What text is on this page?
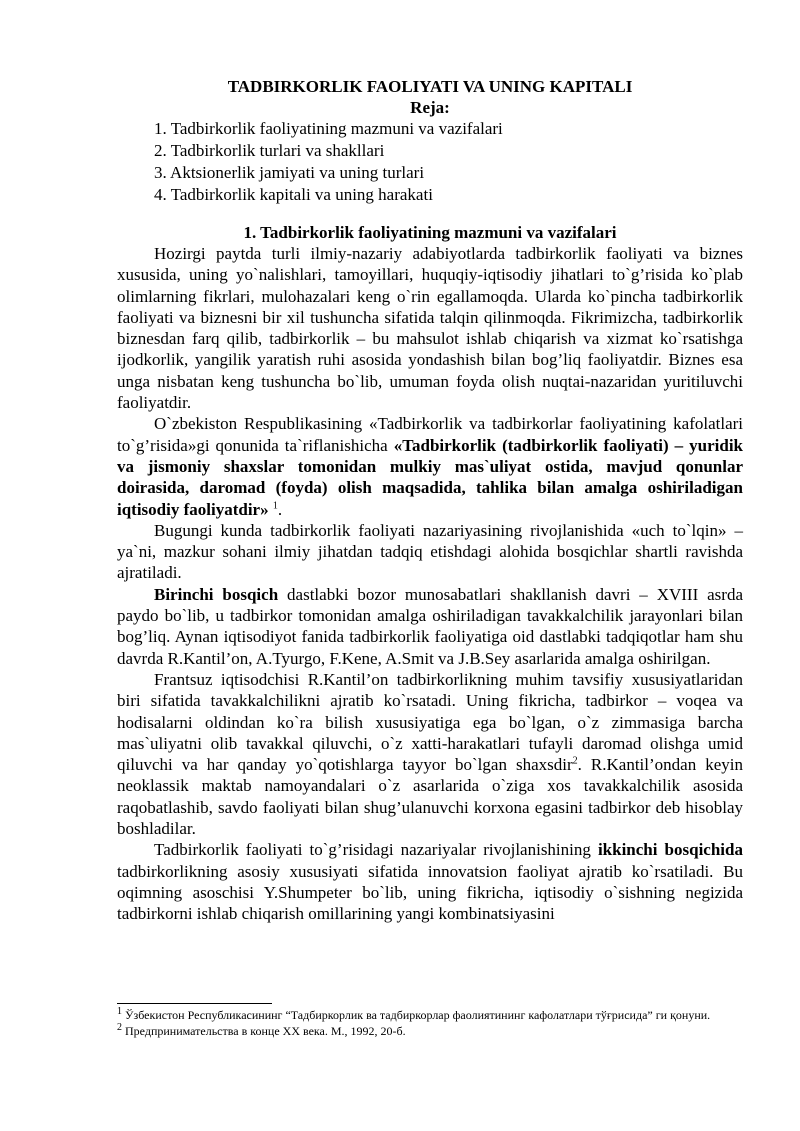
TADBIRKORLIK FAOLIYATI VA UNING KAPITALI
Reja:
1. Tadbirkorlik faoliyatining mazmuni va vazifalari
2. Tadbirkorlik turlari va shakllari
3. Aktsionerlik jamiyati va uning turlari
4. Tadbirkorlik kapitali va uning harakati
1. Tadbirkorlik faoliyatining mazmuni va vazifalari

Hozirgi paytda turli ilmiy-nazariy adabiyotlarda tadbirkorlik faoliyati va biznes xususida, uning yo`nalishlari, tamoyillari, huquqiy-iqtisodiy jihatlari to`g’risida ko`plab olimlarning fikrlari, mulohazalari keng o`rin egallamoqda. Ularda ko`pincha tadbirkorlik faoliyati va biznesni bir xil tushuncha sifatida talqin qilinmoqda. Fikrimizcha, tadbirkorlik biznesdan farq qilib, tadbirkorlik – bu mahsulot ishlab chiqarish va xizmat ko`rsatishga ijodkorlik, yangilik yaratish ruhi asosida yondashish bilan bog’liq faoliyatdir. Biznes esa unga nisbatan keng tushuncha bo`lib, umuman foyda olish nuqtai-nazaridan yuritiluvchi faoliyatdir.

O`zbekiston Respublikasining «Tadbirkorlik va tadbirkorlar faoliyatining kafolatlari to`g’risida»gi qonunida ta`riflanishicha «Tadbirkorlik (tadbirkorlik faoliyati) – yuridik va jismoniy shaxslar tomonidan mulkiy mas`uliyat ostida, mavjud qonunlar doirasida, daromad (foyda) olish maqsadida, tahlika bilan amalga oshiriladigan iqtisodiy faoliyatdir» $^1$.

Bugungi kunda tadbirkorlik faoliyati nazariyasining rivojlanishida «uch to`lqin» – ya`ni, mazkur sohani ilmiy jihatdan tadqiq etishdagi alohida bosqichlar shartli ravishda ajratiladi.

Birinchi bosqich dastlabki bozor munosabatlari shakllanish davri – XVIII asrda paydo bo`lib, u tadbirkor tomonidan amalga oshiriladigan tavakkalchilik jarayonlari bilan bog’liq. Aynan iqtisodiyot fanida tadbirkorlik faoliyatiga oid dastlabki tadqiqotlar ham shu davrda R.Kantil’on, A.Tyurgo, F.Kene, A.Smit va J.B.Sey asarlarida amalga oshirilgan.

Frantsuz iqtisodchisi R.Kantil’on tadbirkorlikning muhim tavsifiy xususiyatlaridan biri sifatida tavakkalchilikni ajratib ko`rsatadi. Uning fikricha, tadbirkor – voqea va hodisalarni oldindan ko`ra bilish xususiyatiga ega bo`lgan, o`z zimmasiga barcha mas`uliyatni olib tavakkal qiluvchi, o`z xatti-harakatlari tufayli daromad olishga umid qiluvchi va har qanday yo`qotishlarga tayyor bo`lgan shaxsdir$^2$. R.Kantil’ondan keyin neoklassik maktab namoyandalari o`z asarlarida o`ziga xos tavakkalchilik asosida raqobatlashib, savdo faoliyati bilan shug’ulanuvchi korxona egasini tadbirkor deb hisoblay boshladilar.

Tadbirkorlik faoliyati to`g’risidagi nazariyalar rivojlanishining ikkinchi bosqichida tadbirkorlikning asosiy xususiyati sifatida innovatsion faoliyat ajratib ko`rsatiladi. Bu oqimning asoschisi Y.Shumpeter bo`lib, uning fikricha, iqtisodiy o`sishning negizida tadbirkorni ishlab chiqarish omillarining yangi kombinatsiyasini

$^1$ Ўзбекистон Республикасининг “Тадбиркорлик ва тадбиркорлар фаолиятининг кафолатлари тўғрисида” ги қонуни.

$^2$ Предпринимательства в конце XX века. М., 1992, 20-б.
